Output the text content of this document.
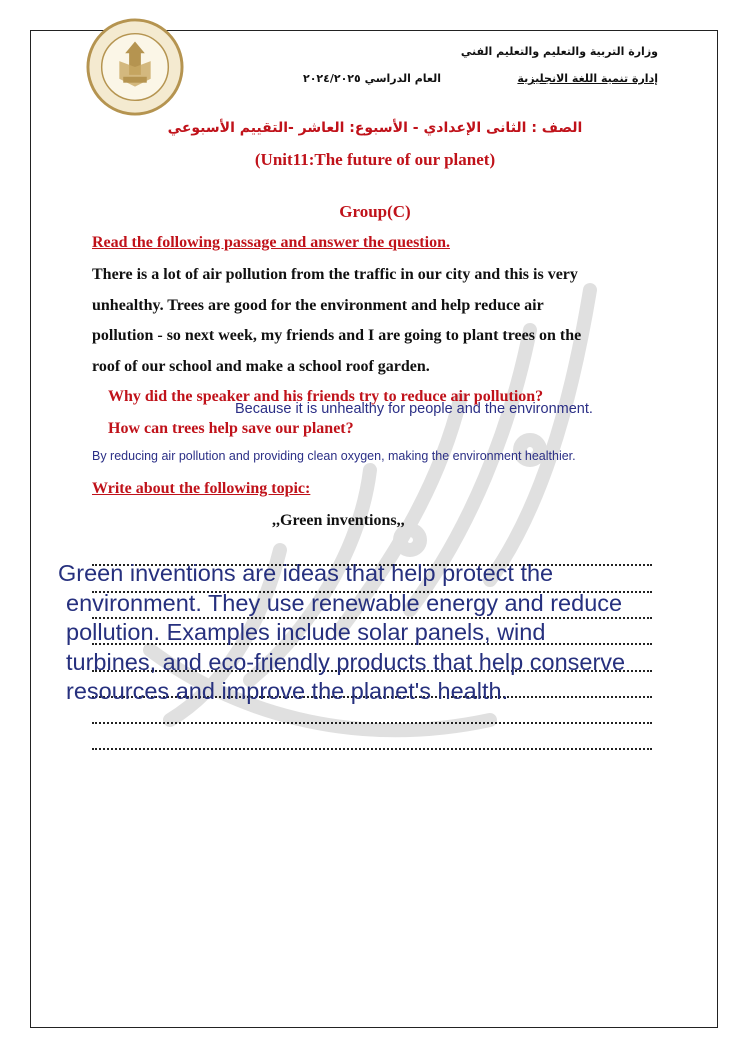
وزارة التربية والتعليم والتعليم الفني
إدارة تنمية اللغة الانجليزية
العام الدراسي ٢٠٢٤/٢٠٢٥
الصف : الثانى الإعدادي - الأسبوع: العاشر -التقييم الأسبوعي
(Unit11:The future of our planet)
Group(C)
Read the following passage and answer the question.
There is a lot of air pollution from the traffic in our city and this is very
unhealthy. Trees are good for the environment and help reduce air
pollution - so next week, my friends and I are going to plant trees on the
roof of our school and make a school roof garden.
Why did the speaker and his friends try to reduce air pollution?
Because it is unhealthy for people and the environment.
How can trees help save our planet?
By reducing air pollution and providing clean oxygen, making the environment healthier.
Write about the following topic:
,,Green inventions,,
Green inventions are ideas that help protect the
environment. They use renewable energy and reduce
pollution. Examples include solar panels, wind
turbines, and eco-friendly products that help conserve
resources and improve the planet's health.
